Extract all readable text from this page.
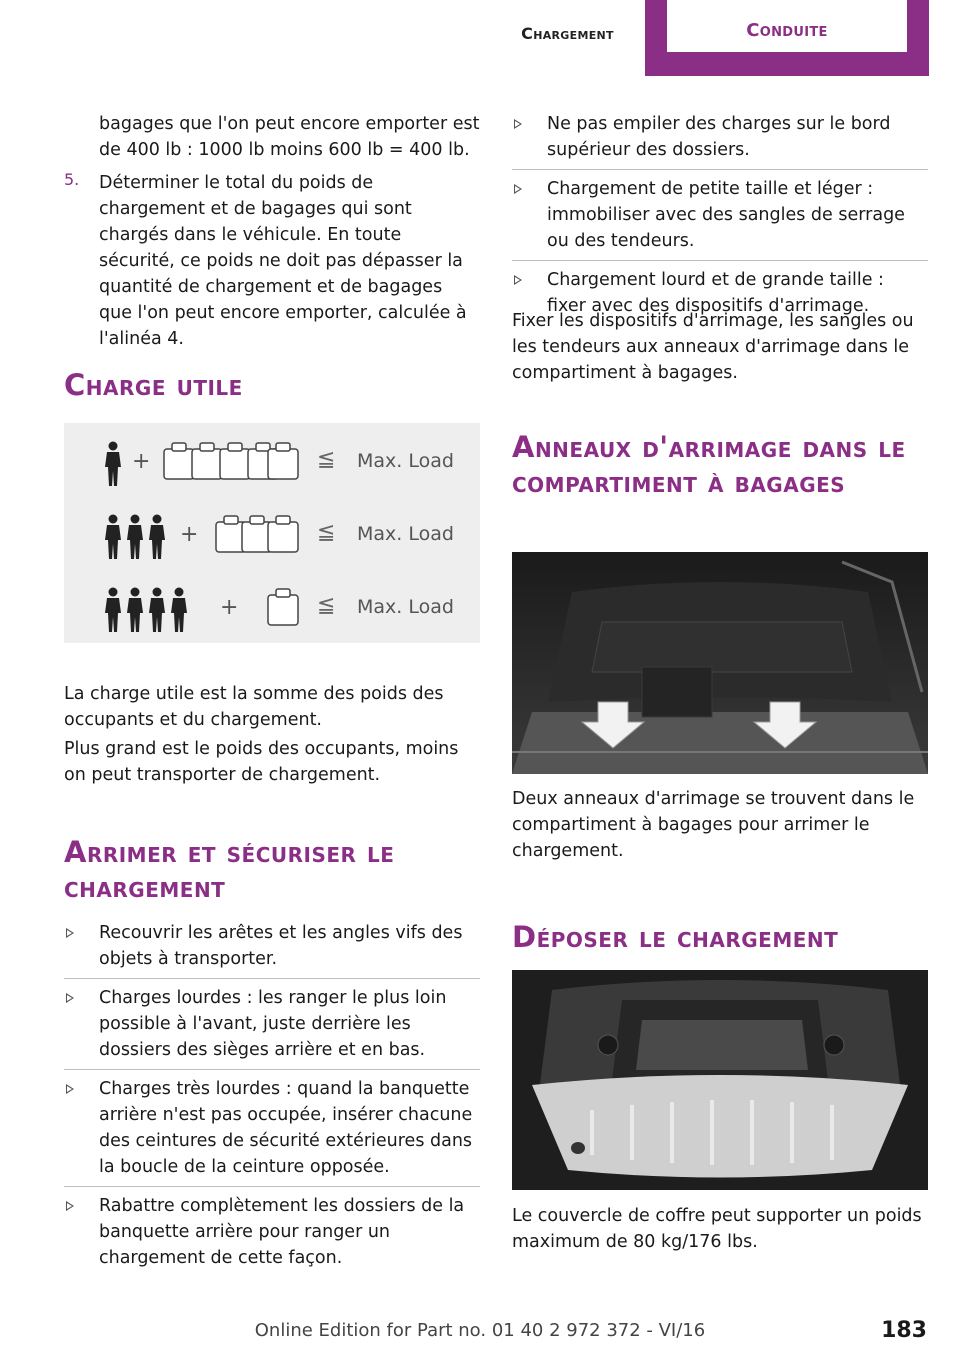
Chargement	Conduite

bagages que l'on peut encore emporter est de 400 lb : 1000 lb moins 600 lb = 400 lb.

5. Déterminer le total du poids de chargement et de bagages qui sont chargés dans le véhicule. En toute sécurité, ce poids ne doit pas dépasser la quantité de chargement et de bagages que l'on peut encore emporter, calculée à l'alinéa 4.

Charge utile
+	≦ Max. Load
+	≦ Max. Load
+	≦ Max. Load

La charge utile est la somme des poids des occupants et du chargement.

Plus grand est le poids des occupants, moins on peut transporter de chargement.

Arrimer et sécuriser le chargement
Recouvrir les arêtes et les angles vifs des objets à transporter.
Charges lourdes : les ranger le plus loin possible à l'avant, juste derrière les dossiers des sièges arrière et en bas.
Charges très lourdes : quand la banquette arrière n'est pas occupée, insérer chacune des ceintures de sécurité extérieures dans la boucle de la ceinture opposée.
Rabattre complètement les dossiers de la banquette arrière pour ranger un chargement de cette façon.
Ne pas empiler des charges sur le bord supérieur des dossiers.
Chargement de petite taille et léger : immobiliser avec des sangles de serrage ou des tendeurs.
Chargement lourd et de grande taille : fixer avec des dispositifs d'arrimage.

Fixer les dispositifs d'arrimage, les sangles ou les tendeurs aux anneaux d'arrimage dans le compartiment à bagages.

Anneaux d'arrimage dans le compartiment à bagages

Deux anneaux d'arrimage se trouvent dans le compartiment à bagages pour arrimer le chargement.

Déposer le chargement

Le couvercle de coffre peut supporter un poids maximum de 80 kg/176 lbs.

Online Edition for Part no. 01 40 2 972 372 - VI/16	183
